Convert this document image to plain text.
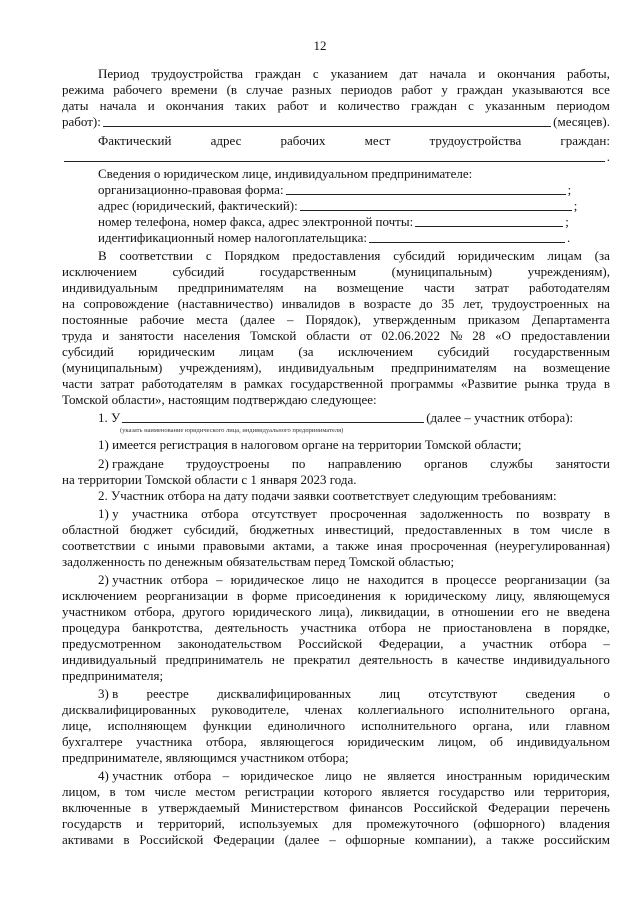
12
Период трудоустройства граждан с указанием дат начала и окончания работы,
режима рабочего времени (в случае разных периодов работ у граждан указываются все
даты начала и окончания таких работ и количество граждан с указанным периодом
работ):	(месяцев).
Фактический	адрес	рабочих	мест	трудоустройства	граждан:
.
Сведения о юридическом лице, индивидуальном предпринимателе:
организационно-правовая форма:	;
адрес (юридический, фактический):	;
номер телефона, номер факса, адрес электронной почты:	;
идентификационный номер налогоплательщика:	.
В соответствии с Порядком предоставления субсидий юридическим лицам (за
исключением	субсидий	государственным	(муниципальным)	учреждениям),
индивидуальным предпринимателям на возмещение части затрат работодателям
на сопровождение (наставничество) инвалидов в возрасте до 35 лет, трудоустроенных на
постоянные рабочие места (далее – Порядок), утвержденным приказом Департамента
труда и занятости населения Томской области от 02.06.2022 № 28 «О предоставлении
субсидий юридическим лицам (за исключением субсидий государственным
(муниципальным) учреждениям), индивидуальным предпринимателям на возмещение
части затрат работодателям в рамках государственной программы «Развитие рынка труда в
Томской области», настоящим подтверждаю следующее:
1. У	(далее – участник отбора):
(указать наименование юридического лица, индивидуального предпринимателя)
1) имеется регистрация в налоговом органе на территории Томской области;
2) граждане трудоустроены по направлению органов службы занятости
на территории Томской области с 1 января 2023 года.
2. Участник отбора на дату подачи заявки соответствует следующим требованиям:
1) у участника отбора отсутствует просроченная задолженность по возврату в
областной бюджет субсидий, бюджетных инвестиций, предоставленных в том числе в
соответствии с иными правовыми актами, а также иная просроченная (неурегулированная)
задолженность по денежным обязательствам перед Томской областью;
2) участник отбора – юридическое лицо не находится в процессе реорганизации (за
исключением реорганизации в форме присоединения к юридическому лицу, являющемуся
участником отбора, другого юридического лица), ликвидации, в отношении его не введена
процедура банкротства, деятельность участника отбора не приостановлена в порядке,
предусмотренном законодательством Российской Федерации, а участник отбора –
индивидуальный предприниматель не прекратил деятельность в качестве индивидуального
предпринимателя;
3) в реестре дисквалифицированных лиц отсутствуют сведения о
дисквалифицированных руководителе, членах коллегиального исполнительного органа,
лице, исполняющем функции единоличного исполнительного органа, или главном
бухгалтере участника отбора, являющегося юридическим лицом, об индивидуальном
предпринимателе, являющимся участником отбора;
4) участник отбора – юридическое лицо не является иностранным юридическим
лицом, в том числе местом регистрации которого является государство или территория,
включенные в утверждаемый Министерством финансов Российской Федерации перечень
государств и территорий, используемых для промежуточного (офшорного) владения
активами в Российской Федерации (далее – офшорные компании), а также российским
